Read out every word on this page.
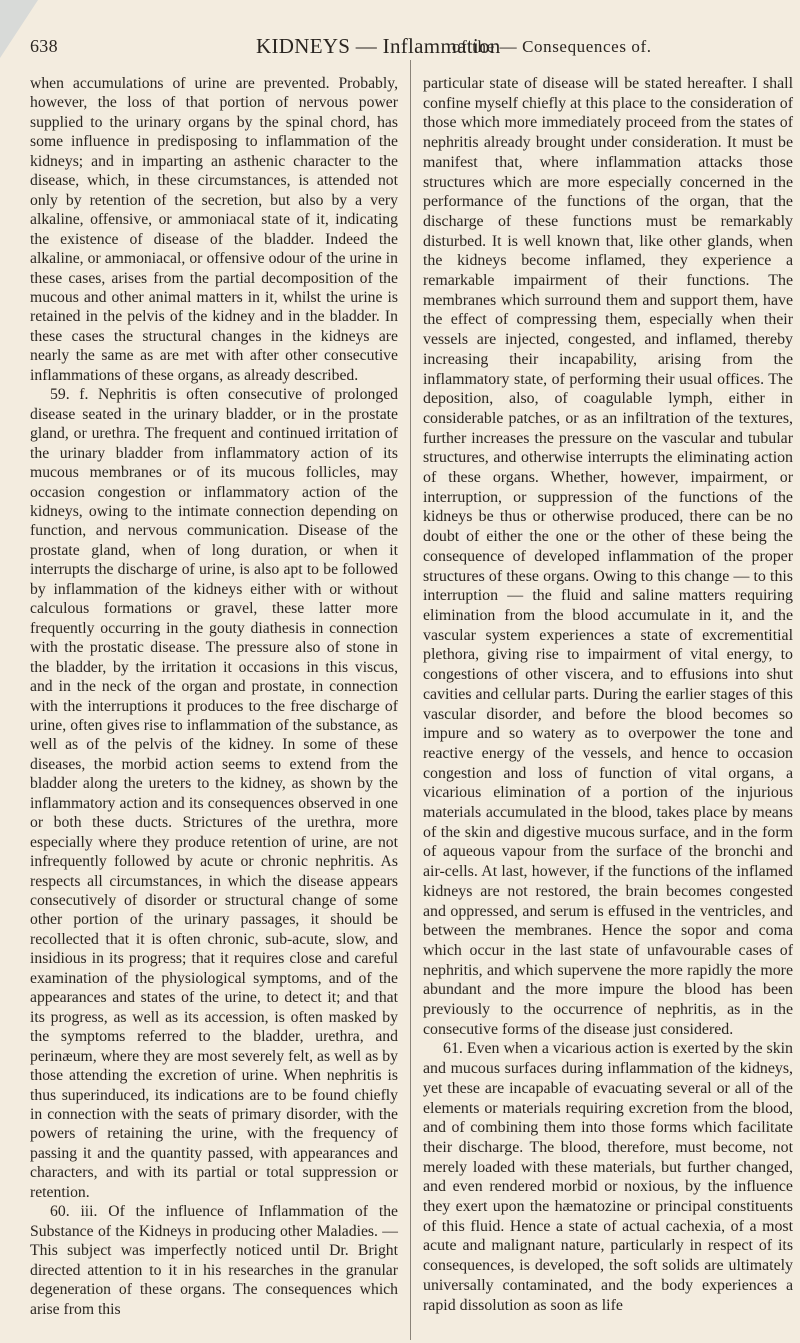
638	KIDNEYS — Inflammation
of the — Consequences of.

when accumulations of urine are prevented. Probably, however, the loss of that portion of nervous power supplied to the urinary organs by the spinal chord, has some influence in predisposing to inflammation of the kidneys; and in imparting an asthenic character to the disease, which, in these circumstances, is attended not only by retention of the secretion, but also by a very alkaline, offensive, or ammoniacal state of it, indicating the existence of disease of the bladder. Indeed the alkaline, or ammoniacal, or offensive odour of the urine in these cases, arises from the partial decomposition of the mucous and other animal matters in it, whilst the urine is retained in the pelvis of the kidney and in the bladder. In these cases the structural changes in the kidneys are nearly the same as are met with after other consecutive inflammations of these organs, as already described.

59. f. Nephritis is often consecutive of prolonged disease seated in the urinary bladder, or in the prostate gland, or urethra. The frequent and continued irritation of the urinary bladder from inflammatory action of its mucous membranes or of its mucous follicles, may occasion congestion or inflammatory action of the kidneys, owing to the intimate connection depending on function, and nervous communication. Disease of the prostate gland, when of long duration, or when it interrupts the discharge of urine, is also apt to be followed by inflammation of the kidneys either with or without calculous formations or gravel, these latter more frequently occurring in the gouty diathesis in connection with the prostatic disease. The pressure also of stone in the bladder, by the irritation it occasions in this viscus, and in the neck of the organ and prostate, in connection with the interruptions it produces to the free discharge of urine, often gives rise to inflammation of the substance, as well as of the pelvis of the kidney. In some of these diseases, the morbid action seems to extend from the bladder along the ureters to the kidney, as shown by the inflammatory action and its consequences observed in one or both these ducts. Strictures of the urethra, more especially where they produce retention of urine, are not infrequently followed by acute or chronic nephritis. As respects all circumstances, in which the disease appears consecutively of disorder or structural change of some other portion of the urinary passages, it should be recollected that it is often chronic, sub-acute, slow, and insidious in its progress; that it requires close and careful examination of the physiological symptoms, and of the appearances and states of the urine, to detect it; and that its progress, as well as its accession, is often masked by the symptoms referred to the bladder, urethra, and perinæum, where they are most severely felt, as well as by those attending the excretion of urine. When nephritis is thus superinduced, its indications are to be found chiefly in connection with the seats of primary disorder, with the powers of retaining the urine, with the frequency of passing it and the quantity passed, with appearances and characters, and with its partial or total suppression or retention.

60. iii. Of the influence of Inflammation of the Substance of the Kidneys in producing other Maladies. — This subject was imperfectly noticed until Dr. Bright directed attention to it in his researches in the granular degeneration of these organs. The consequences which arise from this

particular state of disease will be stated hereafter. I shall confine myself chiefly at this place to the consideration of those which more immediately proceed from the states of nephritis already brought under consideration. It must be manifest that, where inflammation attacks those structures which are more especially concerned in the performance of the functions of the organ, that the discharge of these functions must be remarkably disturbed. It is well known that, like other glands, when the kidneys become inflamed, they experience a remarkable impairment of their functions. The membranes which surround them and support them, have the effect of compressing them, especially when their vessels are injected, congested, and inflamed, thereby increasing their incapability, arising from the inflammatory state, of performing their usual offices. The deposition, also, of coagulable lymph, either in considerable patches, or as an infiltration of the textures, further increases the pressure on the vascular and tubular structures, and otherwise interrupts the eliminating action of these organs. Whether, however, impairment, or interruption, or suppression of the functions of the kidneys be thus or otherwise produced, there can be no doubt of either the one or the other of these being the consequence of developed inflammation of the proper structures of these organs. Owing to this change — to this interruption — the fluid and saline matters requiring elimination from the blood accumulate in it, and the vascular system experiences a state of excrementitial plethora, giving rise to impairment of vital energy, to congestions of other viscera, and to effusions into shut cavities and cellular parts. During the earlier stages of this vascular disorder, and before the blood becomes so impure and so watery as to overpower the tone and reactive energy of the vessels, and hence to occasion congestion and loss of function of vital organs, a vicarious elimination of a portion of the injurious materials accumulated in the blood, takes place by means of the skin and digestive mucous surface, and in the form of aqueous vapour from the surface of the bronchi and air-cells. At last, however, if the functions of the inflamed kidneys are not restored, the brain becomes congested and oppressed, and serum is effused in the ventricles, and between the membranes. Hence the sopor and coma which occur in the last state of unfavourable cases of nephritis, and which supervene the more rapidly the more abundant and the more impure the blood has been previously to the occurrence of nephritis, as in the consecutive forms of the disease just considered.

61. Even when a vicarious action is exerted by the skin and mucous surfaces during inflammation of the kidneys, yet these are incapable of evacuating several or all of the elements or materials requiring excretion from the blood, and of combining them into those forms which facilitate their discharge. The blood, therefore, must become, not merely loaded with these materials, but further changed, and even rendered morbid or noxious, by the influence they exert upon the hæmatozine or principal constituents of this fluid. Hence a state of actual cachexia, of a most acute and malignant nature, particularly in respect of its consequences, is developed, the soft solids are ultimately universally contaminated, and the body experiences a rapid dissolution as soon as life
